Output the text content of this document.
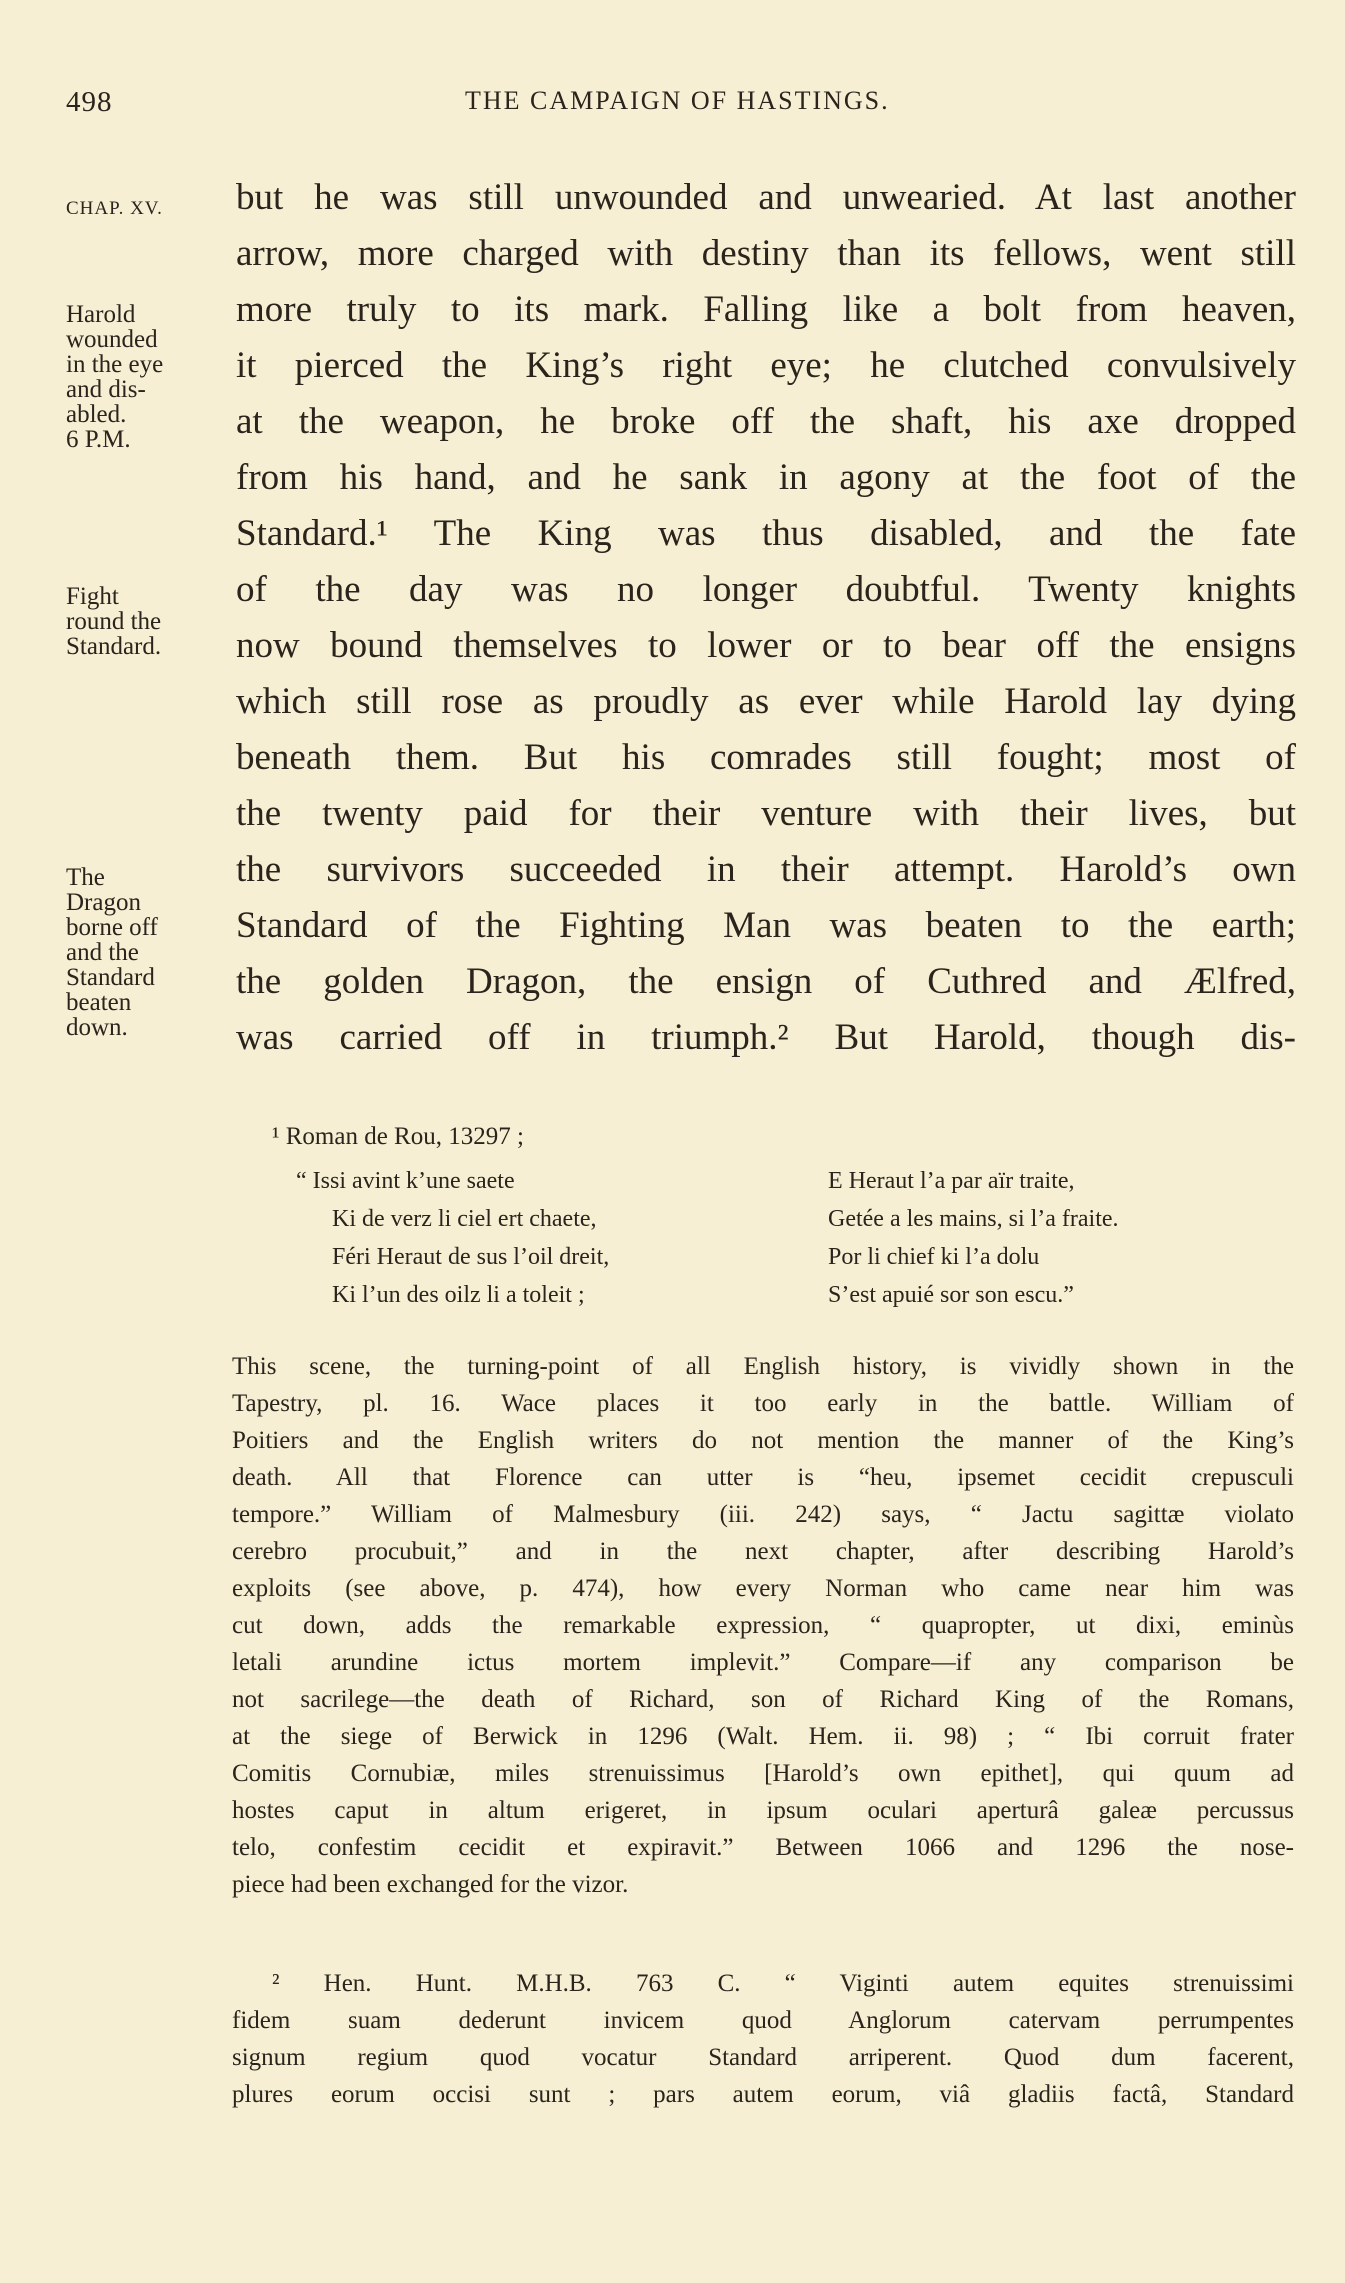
498	THE CAMPAIGN OF HASTINGS.
CHAP. XV.
Harold
wounded
in the eye
and dis-
abled.
6 P.M.
Fight
round the
Standard.
The
Dragon
borne off
and the
Standard
beaten
down.
but he was still unwounded and unwearied. At last another
arrow, more charged with destiny than its fellows, went still
more truly to its mark. Falling like a bolt from heaven,
it pierced the King’s right eye; he clutched convulsively
at the weapon, he broke off the shaft, his axe dropped
from his hand, and he sank in agony at the foot of the
Standard.¹ The King was thus disabled, and the fate
of the day was no longer doubtful. Twenty knights
now bound themselves to lower or to bear off the ensigns
which still rose as proudly as ever while Harold lay dying
beneath them. But his comrades still fought; most of
the twenty paid for their venture with their lives, but
the survivors succeeded in their attempt. Harold’s own
Standard of the Fighting Man was beaten to the earth;
the golden Dragon, the ensign of Cuthred and Ælfred,
was carried off in triumph.² But Harold, though dis-
¹ Roman de Rou, 13297 ;
“ Issi avint k’une saete
Ki de verz li ciel ert chaete,
Féri Heraut de sus l’oil dreit,
Ki l’un des oilz li a toleit ;
E Heraut l’a par aïr traite,
Getée a les mains, si l’a fraite.
Por li chief ki l’a dolu
S’est apuié sor son escu.”
This scene, the turning-point of all English history, is vividly shown in the
Tapestry, pl. 16. Wace places it too early in the battle. William of
Poitiers and the English writers do not mention the manner of the King’s
death. All that Florence can utter is “heu, ipsemet cecidit crepusculi
tempore.” William of Malmesbury (iii. 242) says, “ Jactu sagittæ violato
cerebro procubuit,” and in the next chapter, after describing Harold’s
exploits (see above, p. 474), how every Norman who came near him was
cut down, adds the remarkable expression, “ quapropter, ut dixi, eminùs
letali arundine ictus mortem implevit.” Compare—if any comparison be
not sacrilege—the death of Richard, son of Richard King of the Romans,
at the siege of Berwick in 1296 (Walt. Hem. ii. 98) ; “ Ibi corruit frater
Comitis Cornubiæ, miles strenuissimus [Harold’s own epithet], qui quum ad
hostes caput in altum erigeret, in ipsum oculari aperturâ galeæ percussus
telo, confestim cecidit et expiravit.” Between 1066 and 1296 the nose-
piece had been exchanged for the vizor.
² Hen. Hunt. M.H.B. 763 C. “ Viginti autem equites strenuissimi
fidem suam dederunt invicem quod Anglorum catervam perrumpentes
signum regium quod vocatur Standard arriperent. Quod dum facerent,
plures eorum occisi sunt ; pars autem eorum, viâ gladiis factâ, Standard
